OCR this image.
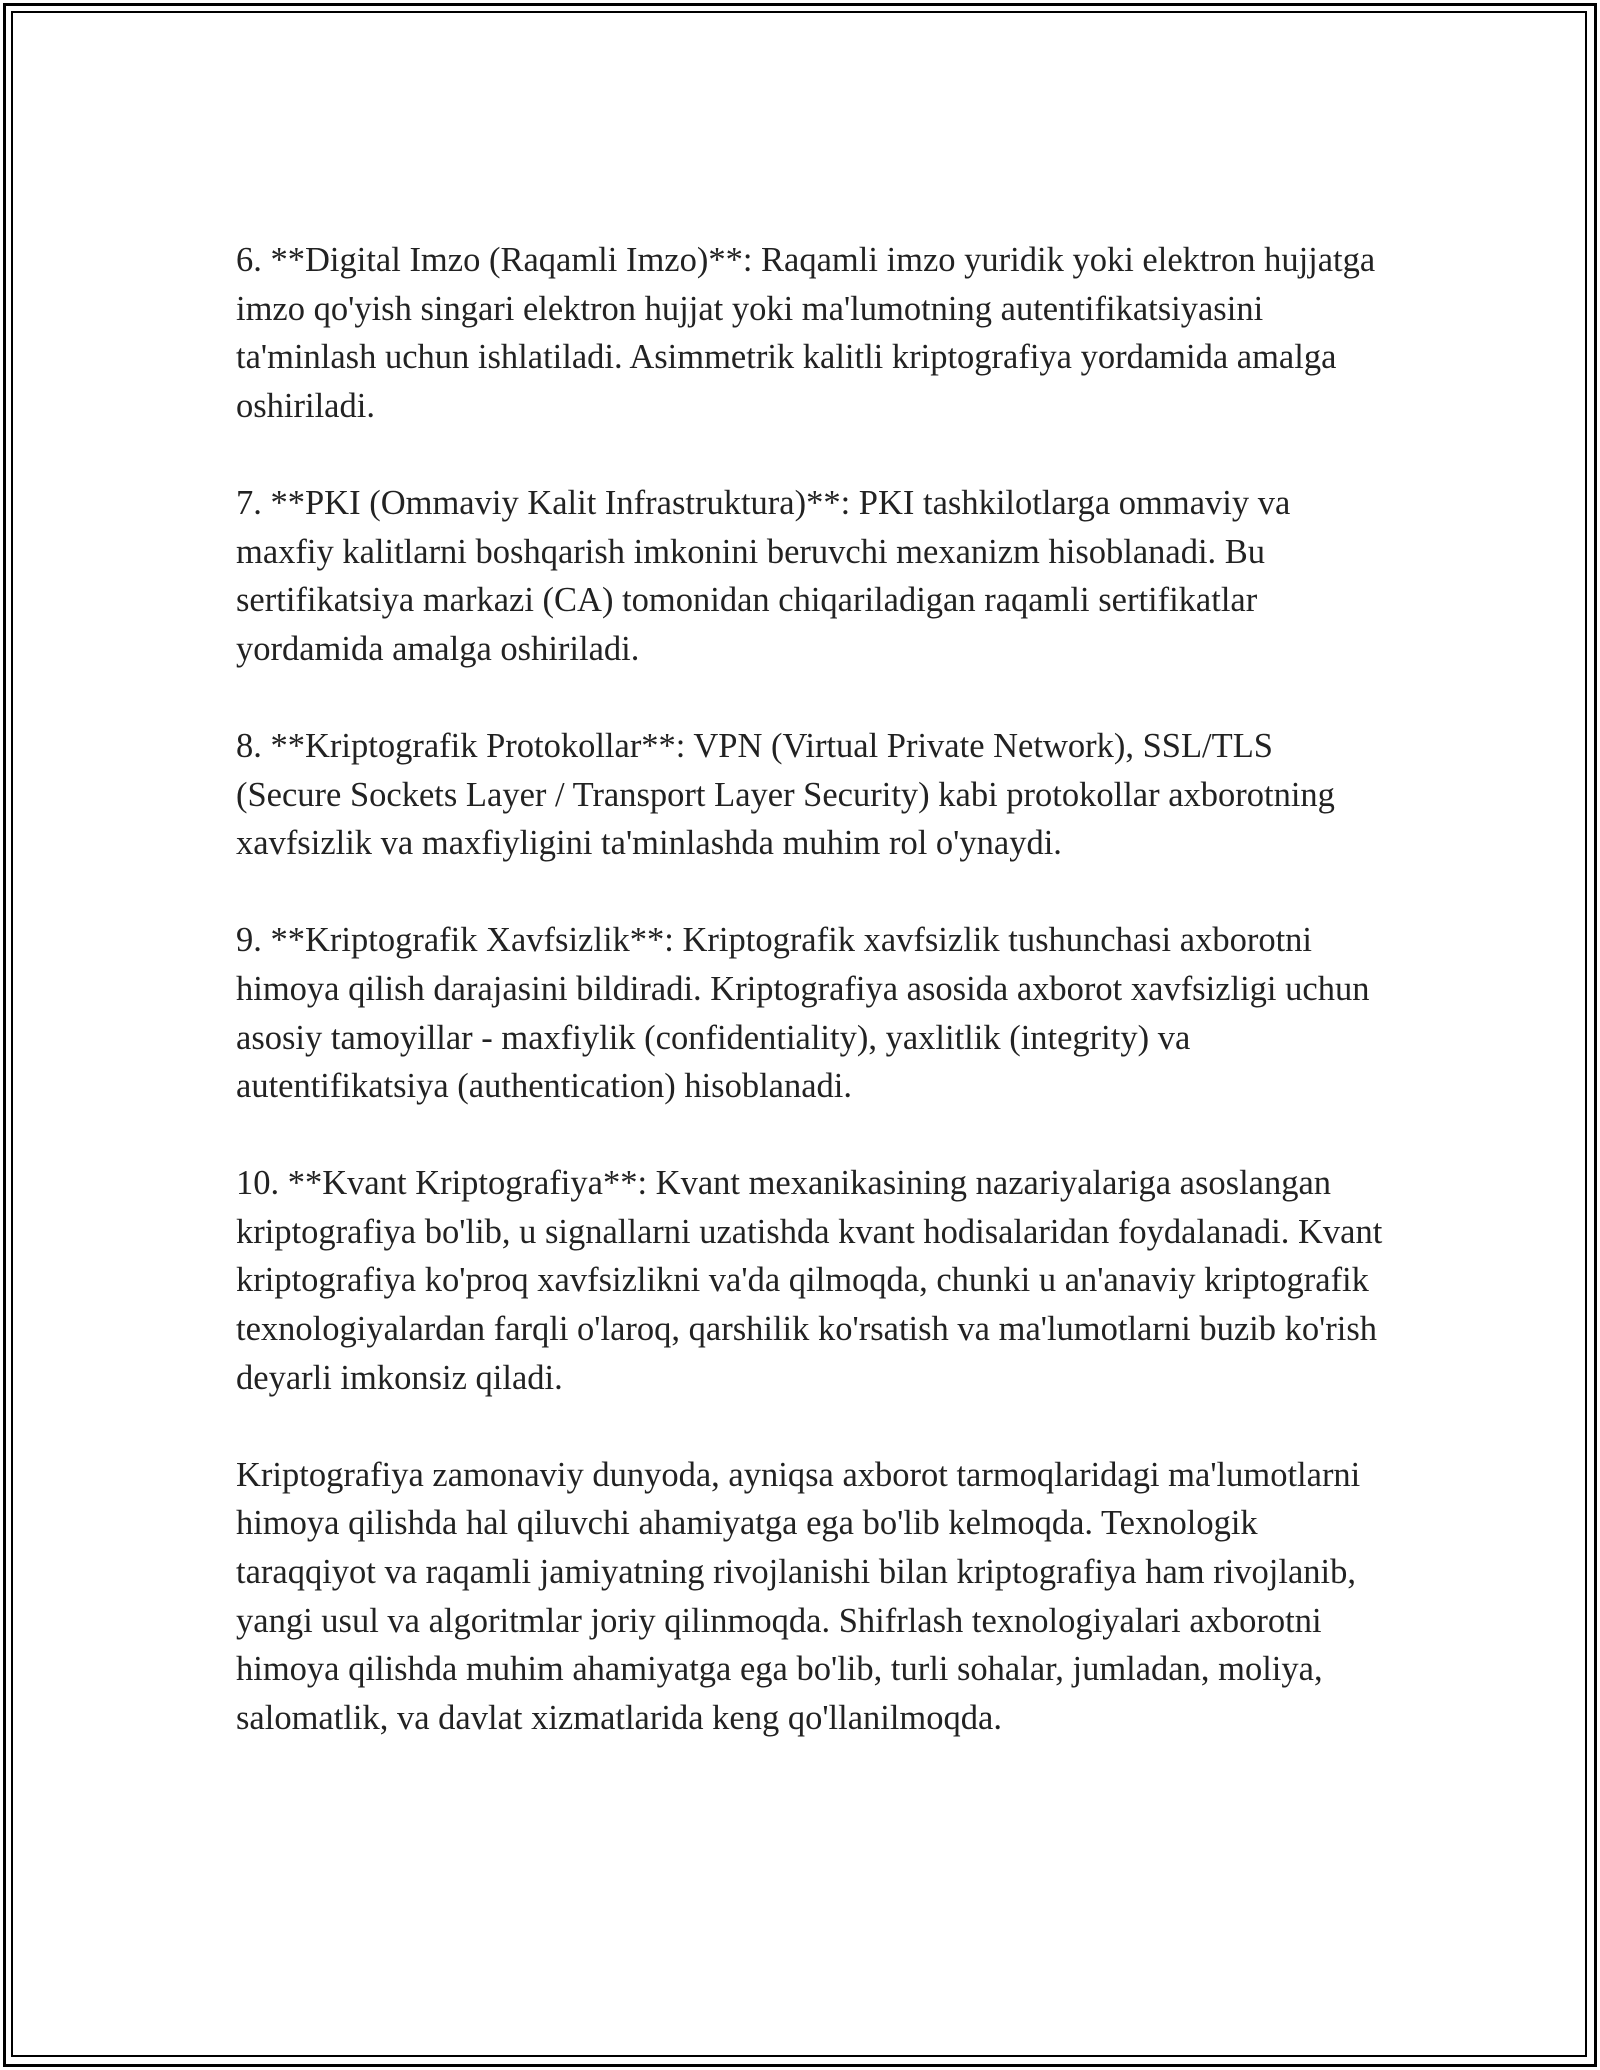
6. **Digital Imzo (Raqamli Imzo)**: Raqamli imzo yuridik yoki elektron hujjatga imzo qo'yish singari elektron hujjat yoki ma'lumotning autentifikatsiyasini ta'minlash uchun ishlatiladi. Asimmetrik kalitli kriptografiya yordamida amalga oshiriladi.

7. **PKI (Ommaviy Kalit Infrastruktura)**: PKI tashkilotlarga ommaviy va maxfiy kalitlarni boshqarish imkonini beruvchi mexanizm hisoblanadi. Bu sertifikatsiya markazi (CA) tomonidan chiqariladigan raqamli sertifikatlar yordamida amalga oshiriladi.

8. **Kriptografik Protokollar**: VPN (Virtual Private Network), SSL/TLS (Secure Sockets Layer / Transport Layer Security) kabi protokollar axborotning xavfsizlik va maxfiyligini ta'minlashda muhim rol o'ynaydi.

9. **Kriptografik Xavfsizlik**: Kriptografik xavfsizlik tushunchasi axborotni himoya qilish darajasini bildiradi. Kriptografiya asosida axborot xavfsizligi uchun asosiy tamoyillar - maxfiylik (confidentiality), yaxlitlik (integrity) va autentifikatsiya (authentication) hisoblanadi.

10. **Kvant Kriptografiya**: Kvant mexanikasining nazariyalariga asoslangan kriptografiya bo'lib, u signallarni uzatishda kvant hodisalaridan foydalanadi. Kvant kriptografiya ko'proq xavfsizlikni va'da qilmoqda, chunki u an'anaviy kriptografik texnologiyalardan farqli o'laroq, qarshilik ko'rsatish va ma'lumotlarni buzib ko'rish deyarli imkonsiz qiladi.

Kriptografiya zamonaviy dunyoda, ayniqsa axborot tarmoqlaridagi ma'lumotlarni himoya qilishda hal qiluvchi ahamiyatga ega bo'lib kelmoqda. Texnologik taraqqiyot va raqamli jamiyatning rivojlanishi bilan kriptografiya ham rivojlanib, yangi usul va algoritmlar joriy qilinmoqda. Shifrlash texnologiyalari axborotni himoya qilishda muhim ahamiyatga ega bo'lib, turli sohalar, jumladan, moliya, salomatlik, va davlat xizmatlarida keng qo'llanilmoqda.
